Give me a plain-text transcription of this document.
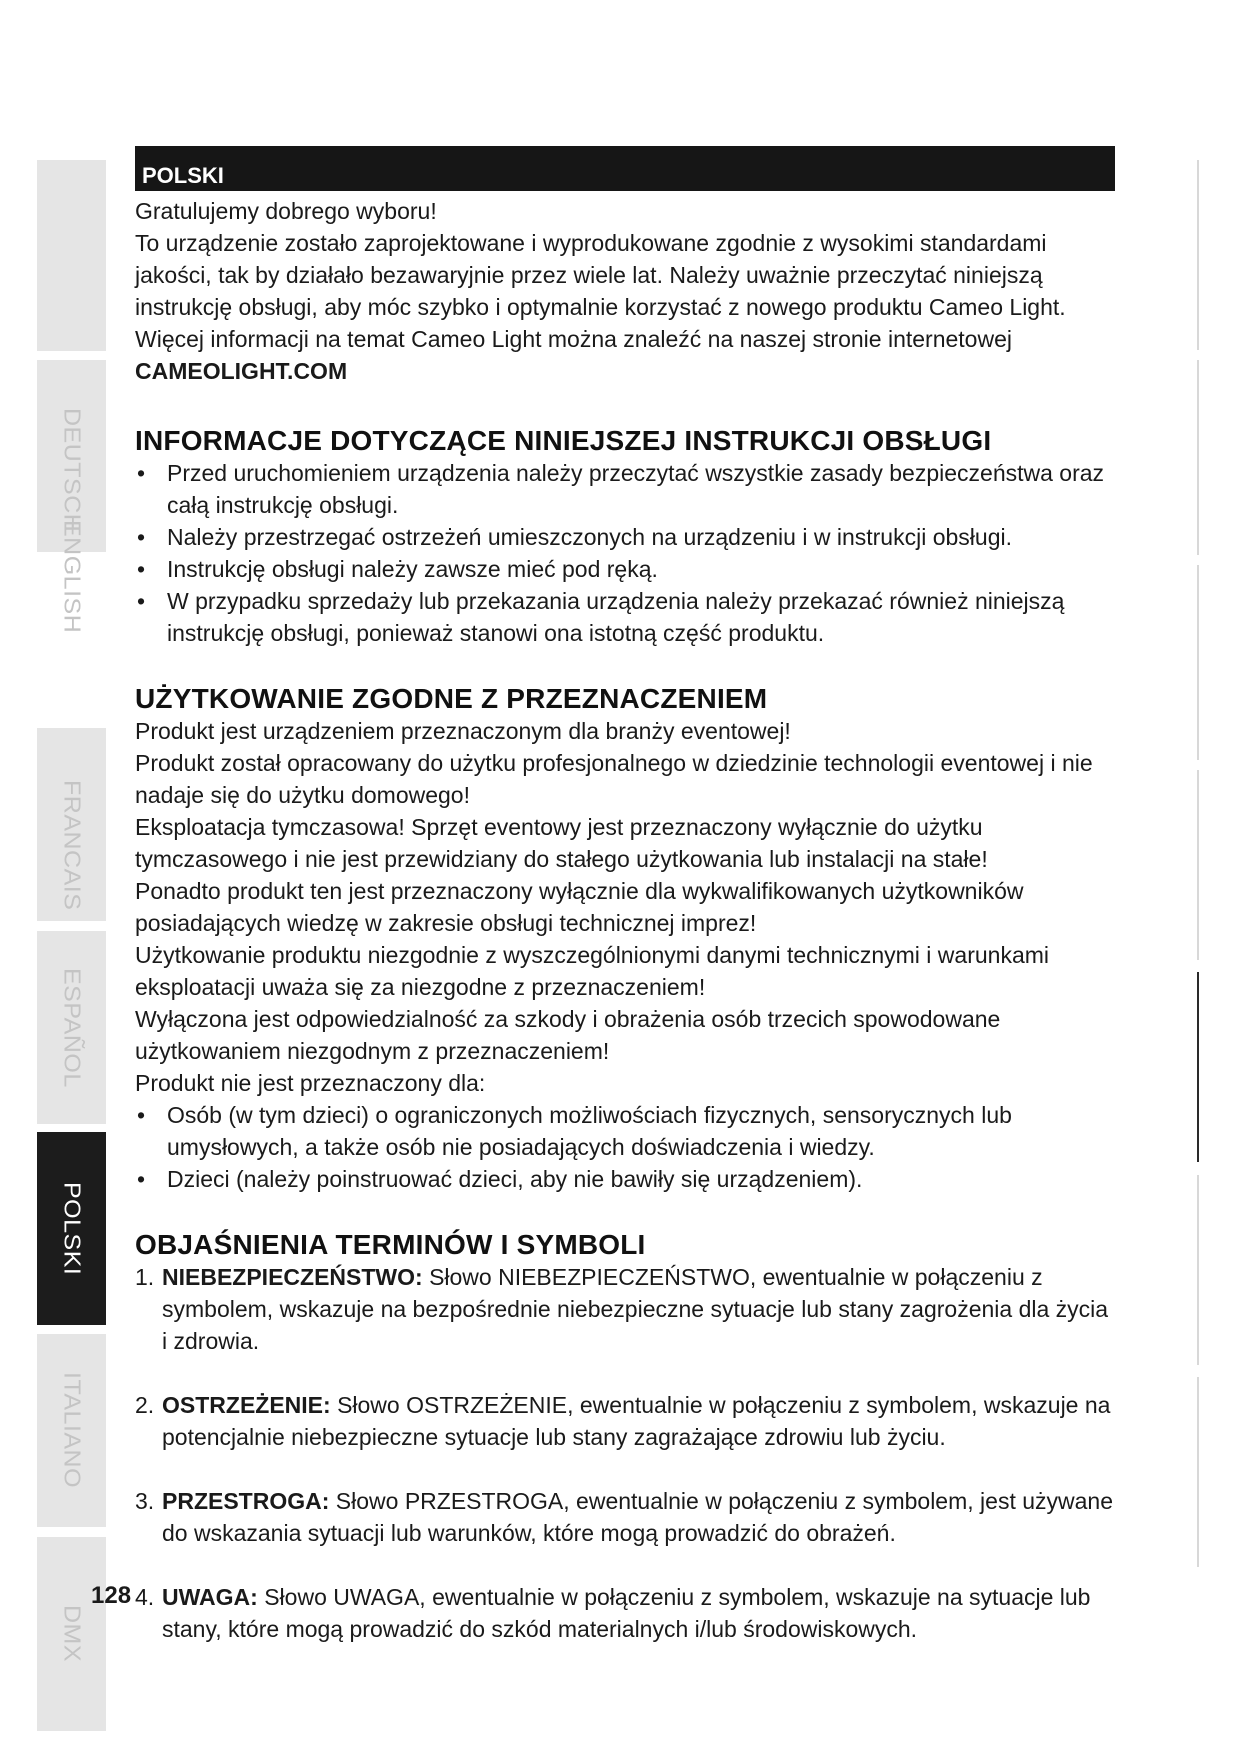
DEUTSCH
FRANCAIS
ESPAÑOL
POLSKI
ITALIANO
DMX
ENGLISH
POLSKI

Gratulujemy dobrego wyboru!

To urządzenie zostało zaprojektowane i wyprodukowane zgodnie z wysokimi standardami jakości, tak by działało bezawaryjnie przez wiele lat. Należy uważnie przeczytać niniejszą instrukcję obsługi, aby móc szybko i optymalnie korzystać z nowego produktu Cameo Light. Więcej informacji na temat Cameo Light można znaleźć na naszej stronie internetowej CAMEOLIGHT.COM

INFORMACJE DOTYCZĄCE NINIEJSZEJ INSTRUKCJI OBSŁUGI
• Przed uruchomieniem urządzenia należy przeczytać wszystkie zasady bezpieczeństwa oraz całą instrukcję obsługi.
• Należy przestrzegać ostrzeżeń umieszczonych na urządzeniu i w instrukcji obsługi.
• Instrukcję obsługi należy zawsze mieć pod ręką.
• W przypadku sprzedaży lub przekazania urządzenia należy przekazać również niniejszą instrukcję obsługi, ponieważ stanowi ona istotną część produktu.
UŻYTKOWANIE ZGODNE Z PRZEZNACZENIEM

Produkt jest urządzeniem przeznaczonym dla branży eventowej!

Produkt został opracowany do użytku profesjonalnego w dziedzinie technologii eventowej i nie nadaje się do użytku domowego!

Eksploatacja tymczasowa! Sprzęt eventowy jest przeznaczony wyłącznie do użytku tymczasowego i nie jest przewidziany do stałego użytkowania lub instalacji na stałe!

Ponadto produkt ten jest przeznaczony wyłącznie dla wykwalifikowanych użytkowników posiadających wiedzę w zakresie obsługi technicznej imprez!

Użytkowanie produktu niezgodnie z wyszczególnionymi danymi technicznymi i warunkami eksploatacji uważa się za niezgodne z przeznaczeniem!

Wyłączona jest odpowiedzialność za szkody i obrażenia osób trzecich spowodowane użytkowaniem niezgodnym z przeznaczeniem!

Produkt nie jest przeznaczony dla:

• Osób (w tym dzieci) o ograniczonych możliwościach fizycznych, sensorycznych lub umysłowych, a także osób nie posiadających doświadczenia i wiedzy.
• Dzieci (należy poinstruować dzieci, aby nie bawiły się urządzeniem).
OBJAŚNIENIA TERMINÓW I SYMBOLI
1. NIEBEZPIECZEŃSTWO: Słowo NIEBEZPIECZEŃSTWO, ewentualnie w połączeniu z symbolem, wskazuje na bezpośrednie niebezpieczne sytuacje lub stany zagrożenia dla życia i zdrowia.
2. OSTRZEŻENIE: Słowo OSTRZEŻENIE, ewentualnie w połączeniu z symbolem, wskazuje na potencjalnie niebezpieczne sytuacje lub stany zagrażające zdrowiu lub życiu.
3. PRZESTROGA: Słowo PRZESTROGA, ewentualnie w połączeniu z symbolem, jest używane do wskazania sytuacji lub warunków, które mogą prowadzić do obrażeń.
4. UWAGA: Słowo UWAGA, ewentualnie w połączeniu z symbolem, wskazuje na sytuacje lub stany, które mogą prowadzić do szkód materialnych i/lub środowiskowych.
128
